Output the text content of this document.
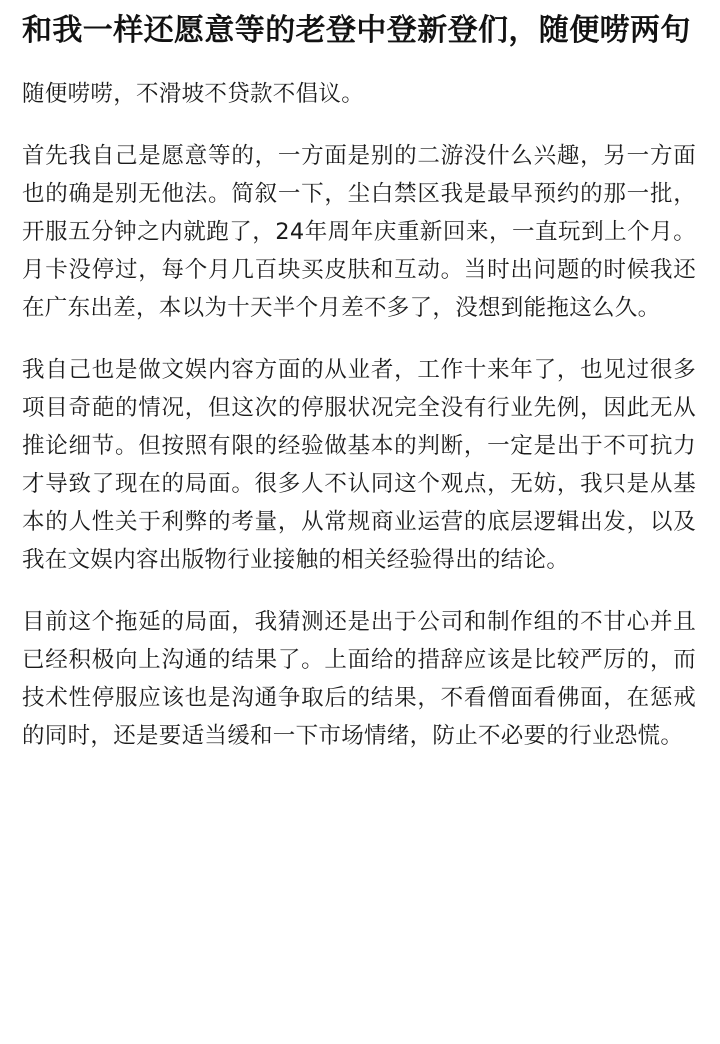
和我一样还愿意等的老登中登新登们，随便唠两句

随便唠唠，不滑坡不贷款不倡议。

首先我自己是愿意等的，一方面是别的二游没什么兴趣，另一方面也的确是别无他法。简叙一下，尘白禁区我是最早预约的那一批，开服五分钟之内就跑了，24年周年庆重新回来，一直玩到上个月。月卡没停过，每个月几百块买皮肤和互动。当时出问题的时候我还在广东出差，本以为十天半个月差不多了，没想到能拖这么久。

我自己也是做文娱内容方面的从业者，工作十来年了，也见过很多项目奇葩的情况，但这次的停服状况完全没有行业先例，因此无从推论细节。但按照有限的经验做基本的判断，一定是出于不可抗力才导致了现在的局面。很多人不认同这个观点，无妨，我只是从基本的人性关于利弊的考量，从常规商业运营的底层逻辑出发，以及我在文娱内容出版物行业接触的相关经验得出的结论。

目前这个拖延的局面，我猜测还是出于公司和制作组的不甘心并且已经积极向上沟通的结果了。上面给的措辞应该是比较严厉的，而技术性停服应该也是沟通争取后的结果，不看僧面看佛面，在惩戒的同时，还是要适当缓和一下市场情绪，防止不必要的行业恐慌。
